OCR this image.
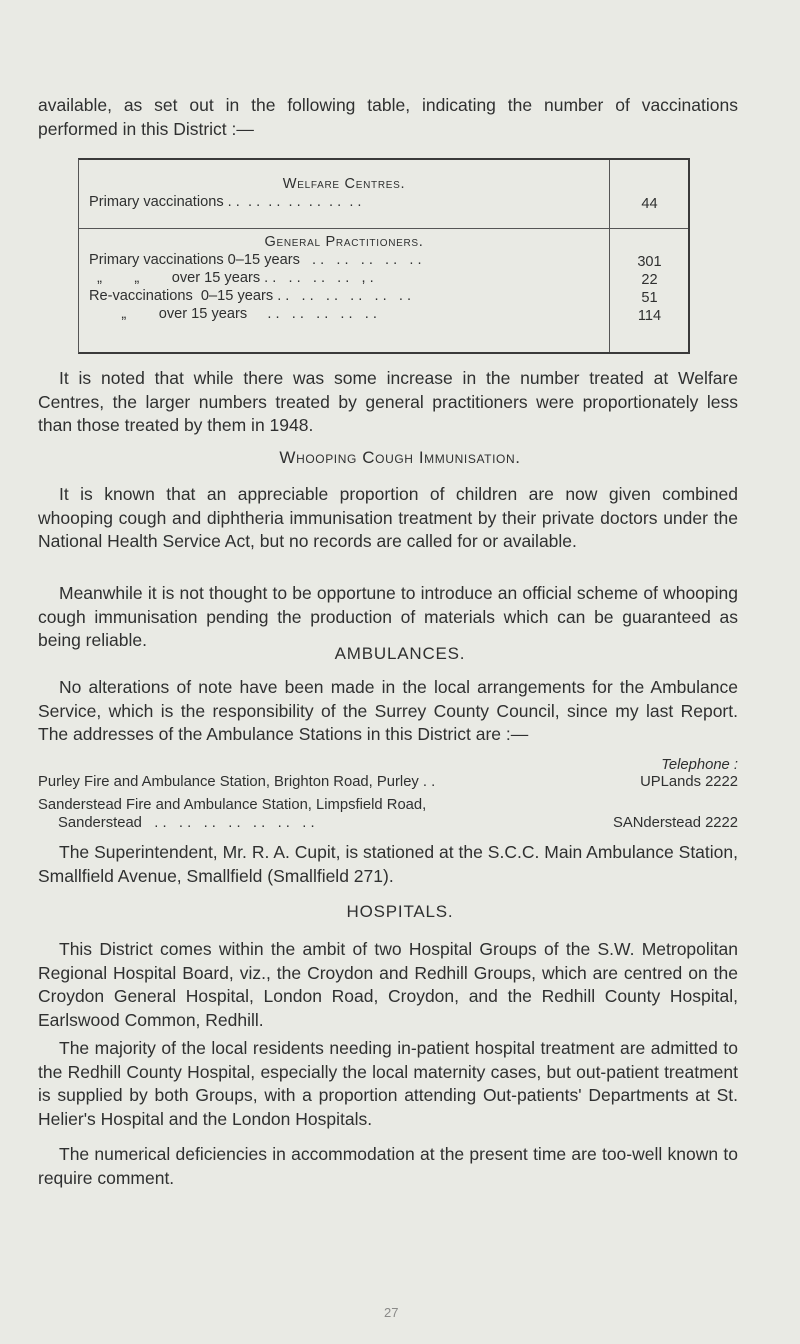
available, as set out in the following table, indicating the number of vaccinations performed in this District :—

Welfare Centres.
Primary vaccinations . .  . .  . .  . .  . .  . .  . .	44
General Practitioners.
Primary vaccinations 0–15 years   . .   . .   . .   . .   . .	301
„        „        over 15 years . .   . .   . .   . .   , .	22
Re-vaccinations  0–15 years . .   . .   . .   . .   . .   . .	51
„        over 15 years     . .   . .   . .   . .   . .	114

It is noted that while there was some increase in the number treated at Welfare Centres, the larger numbers treated by general practitioners were proportionately less than those treated by them in 1948.

Whooping Cough Immunisation.

It is known that an appreciable proportion of children are now given combined whooping cough and diphtheria immunisation treatment by their private doctors under the National Health Service Act, but no records are called for or available.

Meanwhile it is not thought to be opportune to introduce an official scheme of whooping cough immunisation pending the production of materials which can be guaranteed as being reliable.

AMBULANCES.

No alterations of note have been made in the local arrangements for the Ambulance Service, which is the responsibility of the Surrey County Council, since my last Report. The addresses of the Ambulance Stations in this District are :—

Telephone :
Purley Fire and Ambulance Station, Brighton Road, Purley . .	UPLands 2222
Sanderstead Fire and Ambulance Station, Limpsfield Road,
Sanderstead   . .   . .   . .   . .   . .   . .   . .	SANderstead 2222

The Superintendent, Mr. R. A. Cupit, is stationed at the S.C.C. Main Ambulance Station, Smallfield Avenue, Smallfield (Smallfield 271).

HOSPITALS.

This District comes within the ambit of two Hospital Groups of the S.W. Metropolitan Regional Hospital Board, viz., the Croydon and Redhill Groups, which are centred on the Croydon General Hospital, London Road, Croydon, and the Redhill County Hospital, Earlswood Common, Redhill.

The majority of the local residents needing in-patient hospital treatment are admitted to the Redhill County Hospital, especially the local maternity cases, but out-patient treatment is supplied by both Groups, with a proportion attending Out-patients' Departments at St. Helier's Hospital and the London Hospitals.

The numerical deficiencies in accommodation at the present time are too-well known to require comment.

27
